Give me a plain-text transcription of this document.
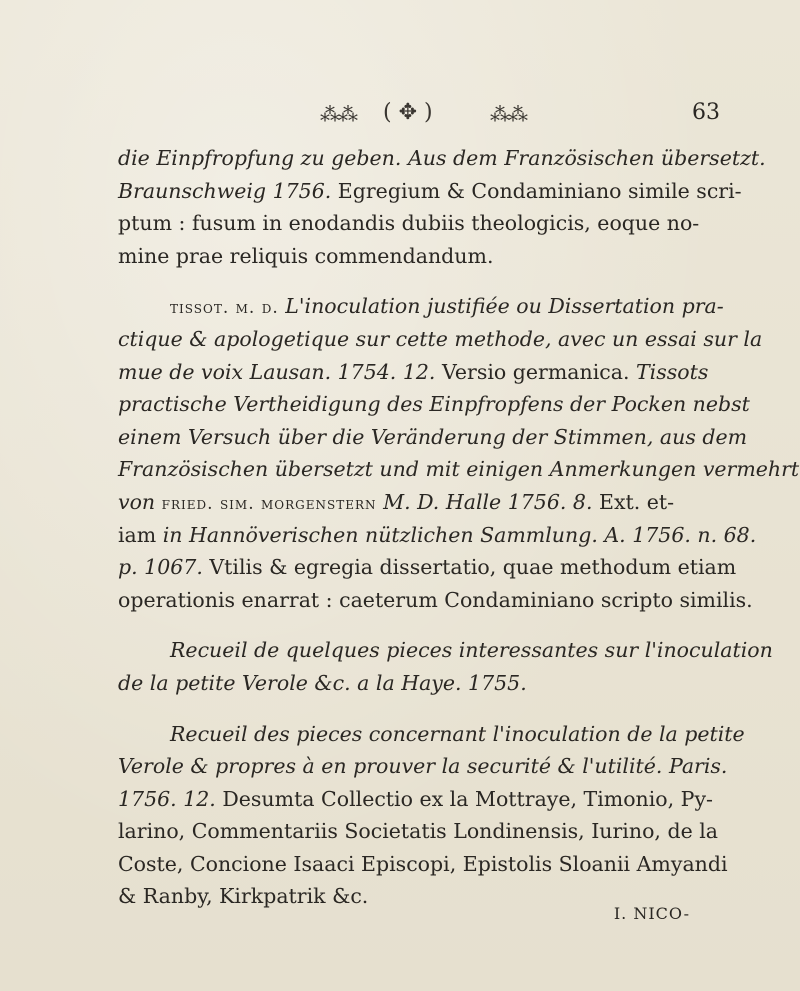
⁂⁂ ( ✥ )	⁂⁂	63
die Einpfropfung zu geben. Aus dem Französischen übersetzt.
Braunschweig 1756. Egregium & Condaminiano simile scri-
ptum : fusum in enodandis dubiis theologicis, eoque no-
mine prae reliquis commendandum.
tissot. m. d. L'inoculation justifiée ou Dissertation pra-
ctique & apologetique sur cette methode, avec un essai sur la
mue de voix Lausan. 1754. 12. Versio germanica. Tissots
practische Vertheidigung des Einpfropfens der Pocken nebst
einem Versuch über die Veränderung der Stimmen, aus dem
Französischen übersetzt und mit einigen Anmerkungen vermehrt
von fried. sim. morgenstern M. D. Halle 1756. 8. Ext. et-
iam in Hannöverischen nützlichen Sammlung. A. 1756. n. 68.
p. 1067. Vtilis & egregia dissertatio, quae methodum etiam
operationis enarrat : caeterum Condaminiano scripto similis.
Recueil de quelques pieces interessantes sur l'inoculation
de la petite Verole &c. a la Haye. 1755.
Recueil des pieces concernant l'inoculation de la petite
Verole & propres à en prouver la securité & l'utilité. Paris.
1756. 12. Desumta Collectio ex la Mottraye, Timonio, Py-
larino, Commentariis Societatis Londinensis, Iurino, de la
Coste, Concione Isaaci Episcopi, Epistolis Sloanii Amyandi
& Ranby, Kirkpatrik &c.
I. NICO-
